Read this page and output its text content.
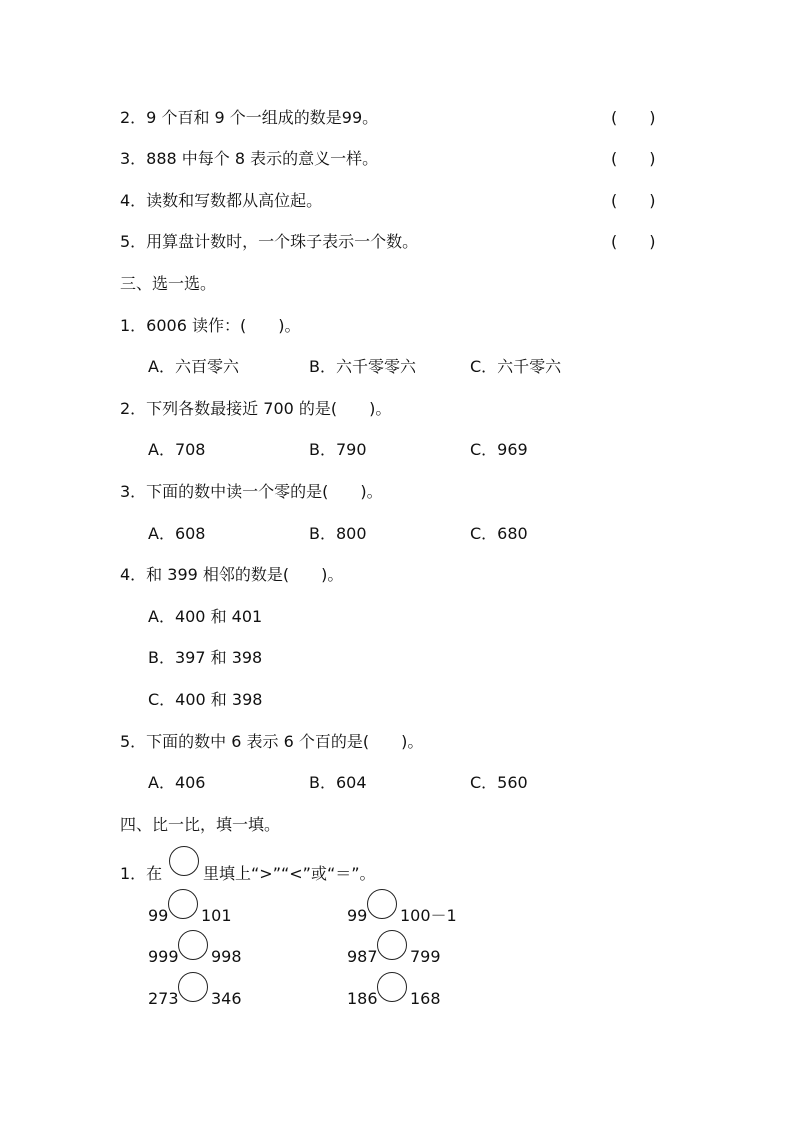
2．9 个百和 9 个一组成的数是99。	(　　)
3．888 中每个 8 表示的意义一样。	(　　)
4．读数和写数都从高位起。	(　　)
5．用算盘计数时，一个珠子表示一个数。	(　　)
三、选一选。
1．6006 读作：(　　)。
A．六百零六	B．六千零零六	C．六千零六
2．下列各数最接近 700 的是(　　)。
A．708	B．790	C．969
3．下面的数中读一个零的是(　　)。
A．608	B．800	C．680
4．和 399 相邻的数是(　　)。
A．400 和 401
B．397 和 398
C．400 和 398
5．下面的数中 6 表示 6 个百的是(　　)。
A．406	B．604	C．560
四、比一比，填一填。
1．在	里填上“>”“<”或“＝”。
99 101	99 100－1
999 998	987 799
273 346	186 168
